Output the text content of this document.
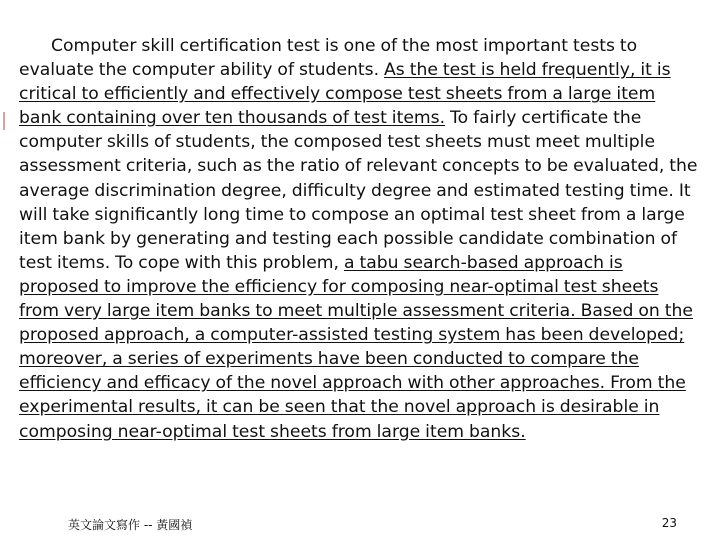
Computer skill certification test is one of the most important tests to evaluate the computer ability of students. As the test is held frequently, it is critical to efficiently and effectively compose test sheets from a large item bank containing over ten thousands of test items. To fairly certificate the computer skills of students, the composed test sheets must meet multiple assessment criteria, such as the ratio of relevant concepts to be evaluated, the average discrimination degree, difficulty degree and estimated testing time. It will take significantly long time to compose an optimal test sheet from a large item bank by generating and testing each possible candidate combination of test items. To cope with this problem, a tabu search-based approach is proposed to improve the efficiency for composing near-optimal test sheets from very large item banks to meet multiple assessment criteria. Based on the proposed approach, a computer-assisted testing system has been developed; moreover, a series of experiments have been conducted to compare the efficiency and efficacy of the novel approach with other approaches. From the experimental results, it can be seen that the novel approach is desirable in composing near-optimal test sheets from large item banks.

英文論文寫作 -- 黃國禎	23
